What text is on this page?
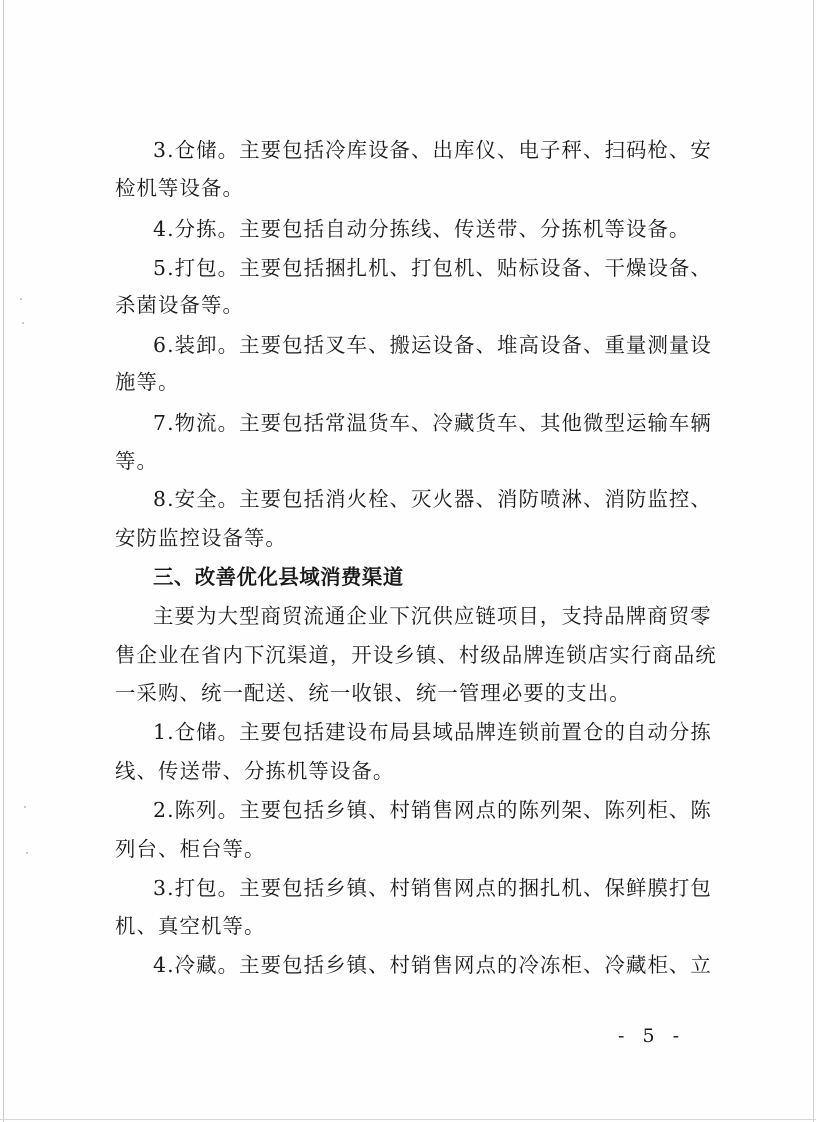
3.仓储。主要包括冷库设备、出库仪、电子秤、扫码枪、安
检机等设备。
4.分拣。主要包括自动分拣线、传送带、分拣机等设备。
5.打包。主要包括捆扎机、打包机、贴标设备、干燥设备、
杀菌设备等。
6.装卸。主要包括叉车、搬运设备、堆高设备、重量测量设
施等。
7.物流。主要包括常温货车、冷藏货车、其他微型运输车辆
等。
8.安全。主要包括消火栓、灭火器、消防喷淋、消防监控、
安防监控设备等。
三、改善优化县域消费渠道
主要为大型商贸流通企业下沉供应链项目，支持品牌商贸零
售企业在省内下沉渠道，开设乡镇、村级品牌连锁店实行商品统
一采购、统一配送、统一收银、统一管理必要的支出。
1.仓储。主要包括建设布局县域品牌连锁前置仓的自动分拣
线、传送带、分拣机等设备。
2.陈列。主要包括乡镇、村销售网点的陈列架、陈列柜、陈
列台、柜台等。
3.打包。主要包括乡镇、村销售网点的捆扎机、保鲜膜打包
机、真空机等。
4.冷藏。主要包括乡镇、村销售网点的冷冻柜、冷藏柜、立
- 5 -
